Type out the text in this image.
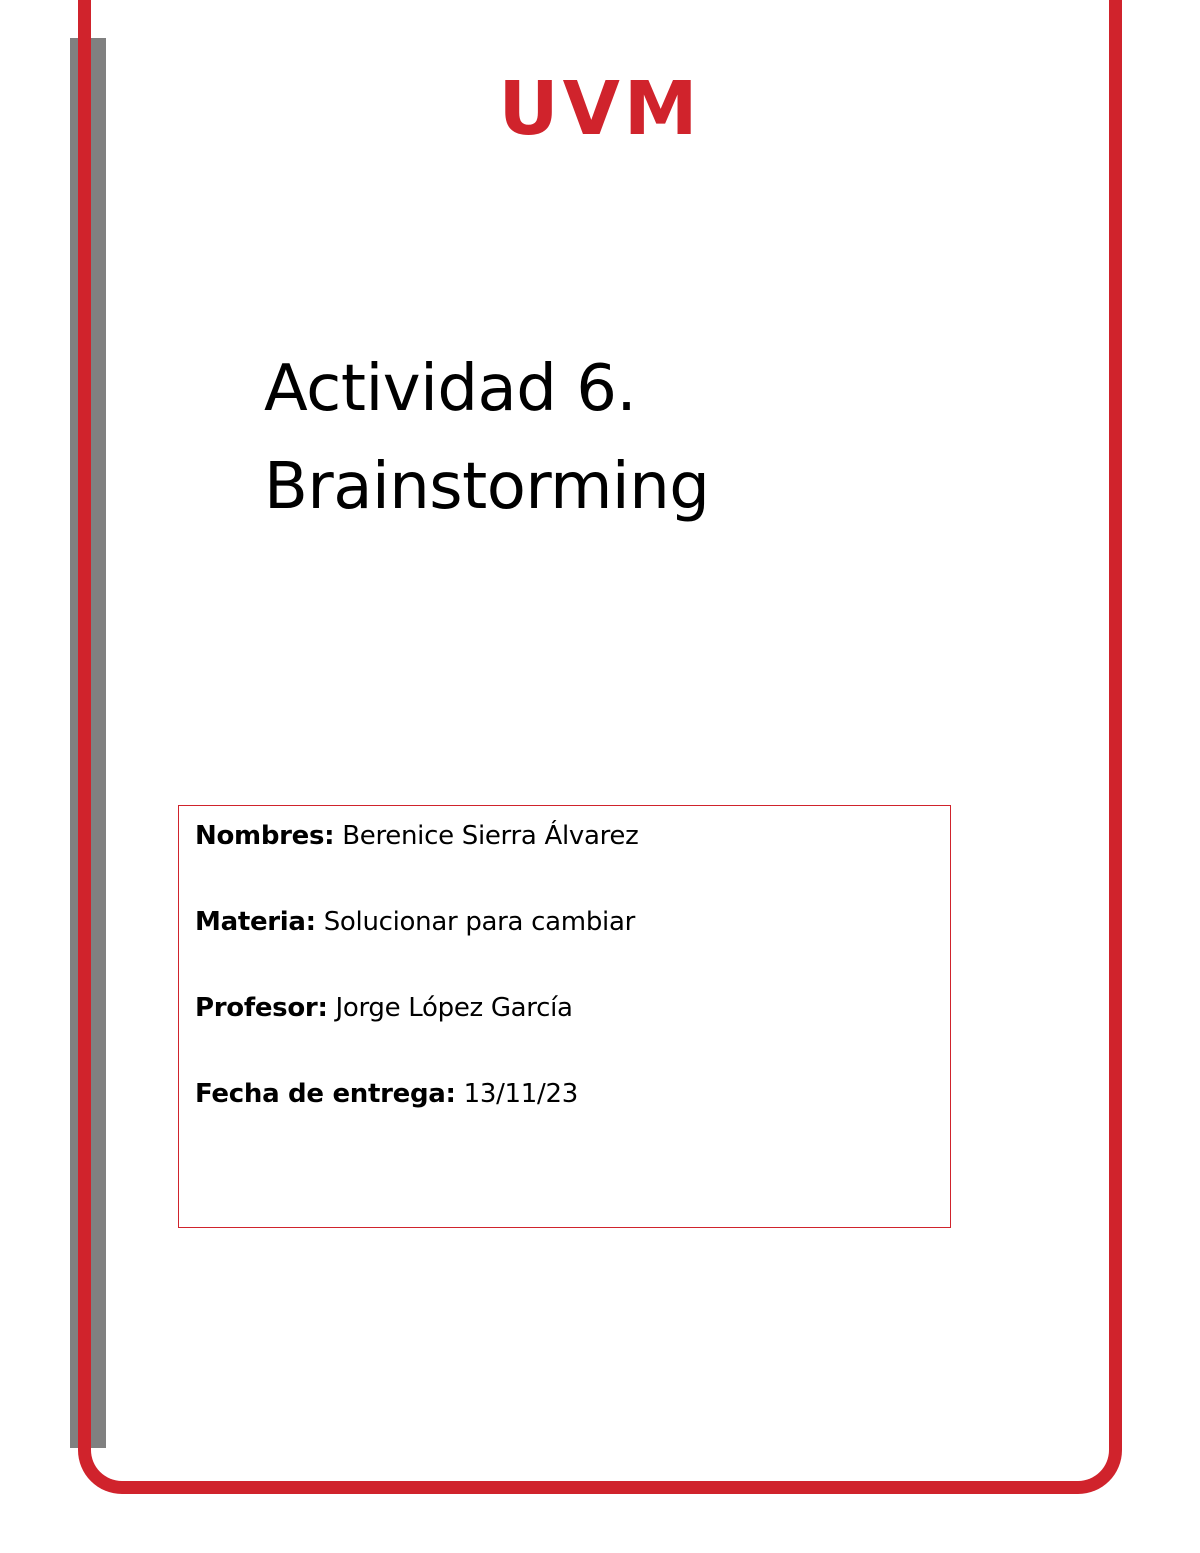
UVM
Actividad 6.
Brainstorming
Nombres: Berenice Sierra Álvarez
Materia: Solucionar para cambiar
Profesor: Jorge López García
Fecha de entrega: 13/11/23
